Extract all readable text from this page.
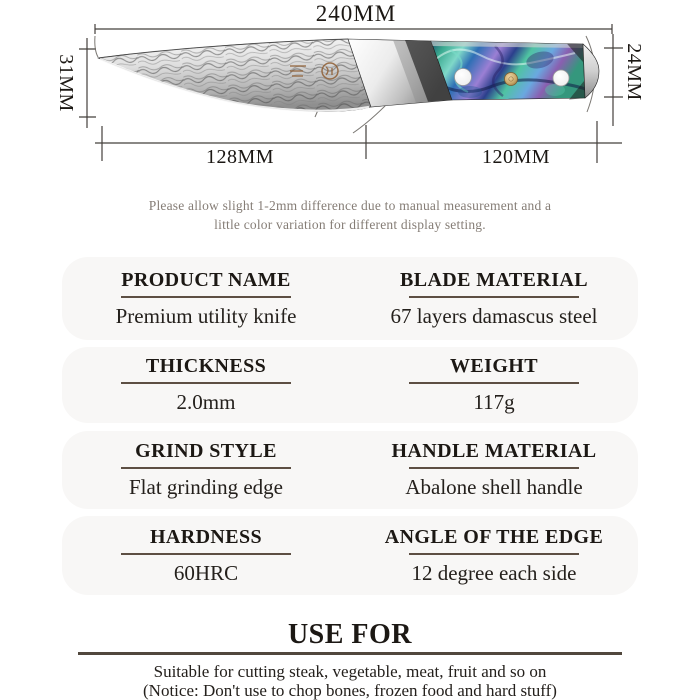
240MM
31MM	24MM
128MM	120MM
Please allow slight 1-2mm difference due to manual measurement and a
little color variation for different display setting.
PRODUCT NAME
Premium utility knife
BLADE MATERIAL
67 layers damascus steel
THICKNESS
2.0mm
WEIGHT
117g
GRIND STYLE
Flat grinding edge
HANDLE MATERIAL
Abalone shell handle
HARDNESS
60HRC
ANGLE OF THE EDGE
12 degree each side
USE FOR
Suitable for cutting steak, vegetable, meat, fruit and so on
(Notice: Don't use to chop bones, frozen food and hard stuff)
